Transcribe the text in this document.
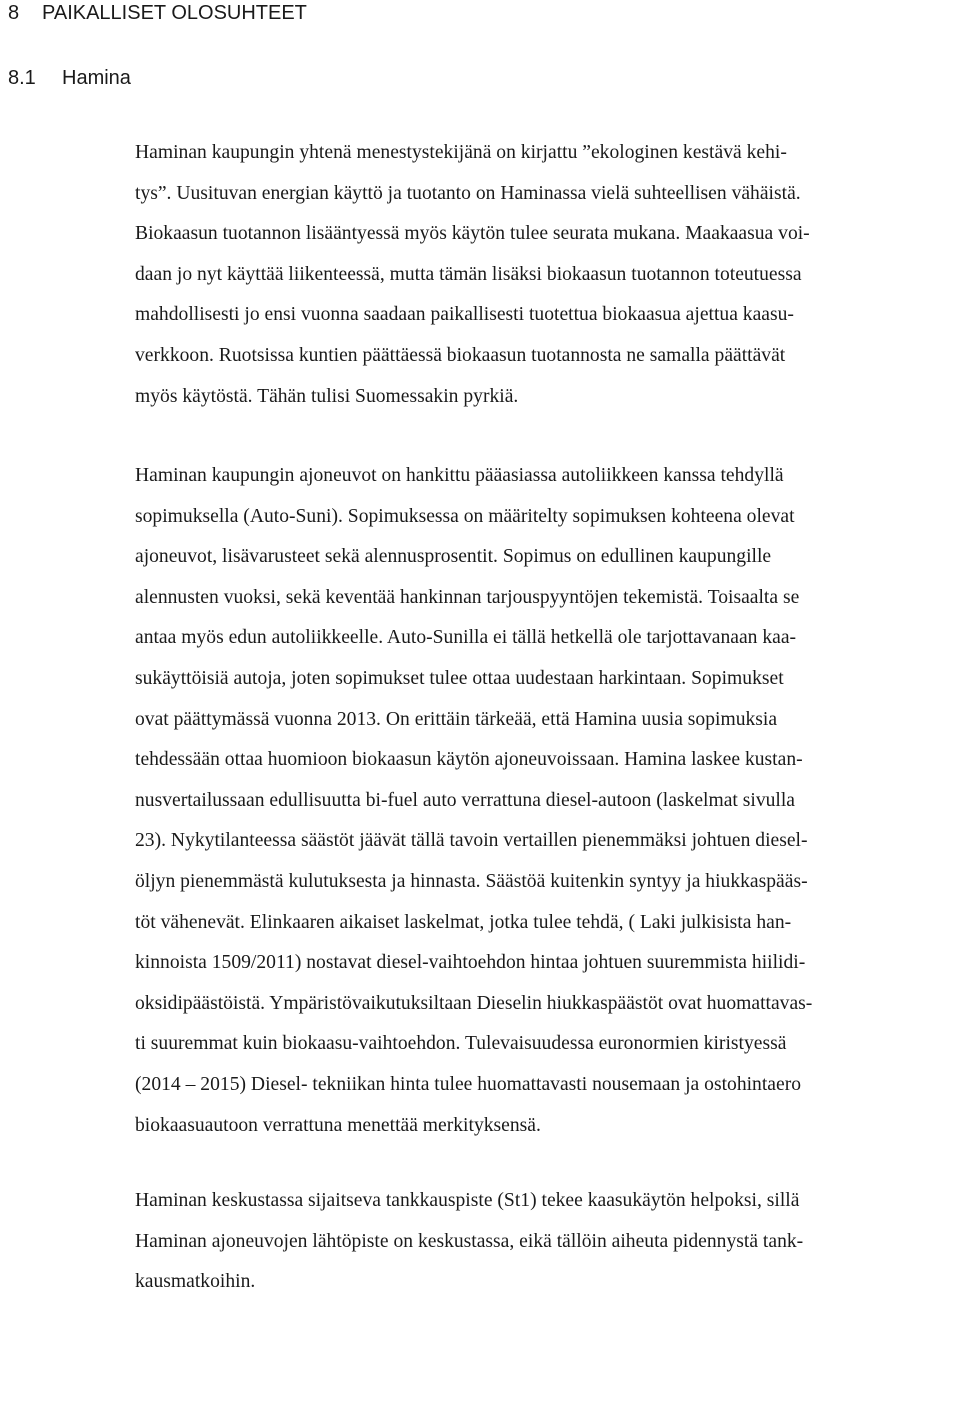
8 PAIKALLISET OLOSUHTEET
8.1 Hamina
Haminan kaupungin yhtenä menestystekijänä on kirjattu ”ekologinen kestävä kehi-
tys”. Uusituvan energian käyttö ja tuotanto on Haminassa vielä suhteellisen vähäistä.
Biokaasun tuotannon lisääntyessä myös käytön tulee seurata mukana. Maakaasua voi-
daan jo nyt käyttää liikenteessä, mutta tämän lisäksi biokaasun tuotannon toteutuessa
mahdollisesti jo ensi vuonna saadaan paikallisesti tuotettua biokaasua ajettua kaasu-
verkkoon. Ruotsissa kuntien päättäessä biokaasun tuotannosta ne samalla päättävät
myös käytöstä. Tähän tulisi Suomessakin pyrkiä.
Haminan kaupungin ajoneuvot on hankittu pääasiassa autoliikkeen kanssa tehdyllä
sopimuksella (Auto-Suni). Sopimuksessa on määritelty sopimuksen kohteena olevat
ajoneuvot, lisävarusteet sekä alennusprosentit. Sopimus on edullinen kaupungille
alennusten vuoksi, sekä keventää hankinnan tarjouspyyntöjen tekemistä. Toisaalta se
antaa myös edun autoliikkeelle. Auto-Sunilla ei tällä hetkellä ole tarjottavanaan kaa-
sukäyttöisiä autoja, joten sopimukset tulee ottaa uudestaan harkintaan. Sopimukset
ovat päättymässä vuonna 2013. On erittäin tärkeää, että Hamina uusia sopimuksia
tehdessään ottaa huomioon biokaasun käytön ajoneuvoissaan. Hamina laskee kustan-
nusvertailussaan edullisuutta bi-fuel auto verrattuna diesel-autoon (laskelmat sivulla
23). Nykytilanteessa säästöt jäävät tällä tavoin vertaillen pienemmäksi johtuen diesel-
öljyn pienemmästä kulutuksesta ja hinnasta. Säästöä kuitenkin syntyy ja hiukkaspääs-
töt vähenevät. Elinkaaren aikaiset laskelmat, jotka tulee tehdä, ( Laki julkisista han-
kinnoista 1509/2011) nostavat diesel-vaihtoehdon hintaa johtuen suuremmista hiilidi-
oksidipäästöistä. Ympäristövaikutuksiltaan Dieselin hiukkaspäästöt ovat huomattavas-
ti suuremmat kuin biokaasu-vaihtoehdon. Tulevaisuudessa euronormien kiristyessä
(2014 – 2015) Diesel- tekniikan hinta tulee huomattavasti nousemaan ja ostohintaero
biokaasuautoon verrattuna menettää merkityksensä.
Haminan keskustassa sijaitseva tankkauspiste (St1) tekee kaasukäytön helpoksi, sillä
Haminan ajoneuvojen lähtöpiste on keskustassa, eikä tällöin aiheuta pidennystä tank-
kausmatkoihin.
